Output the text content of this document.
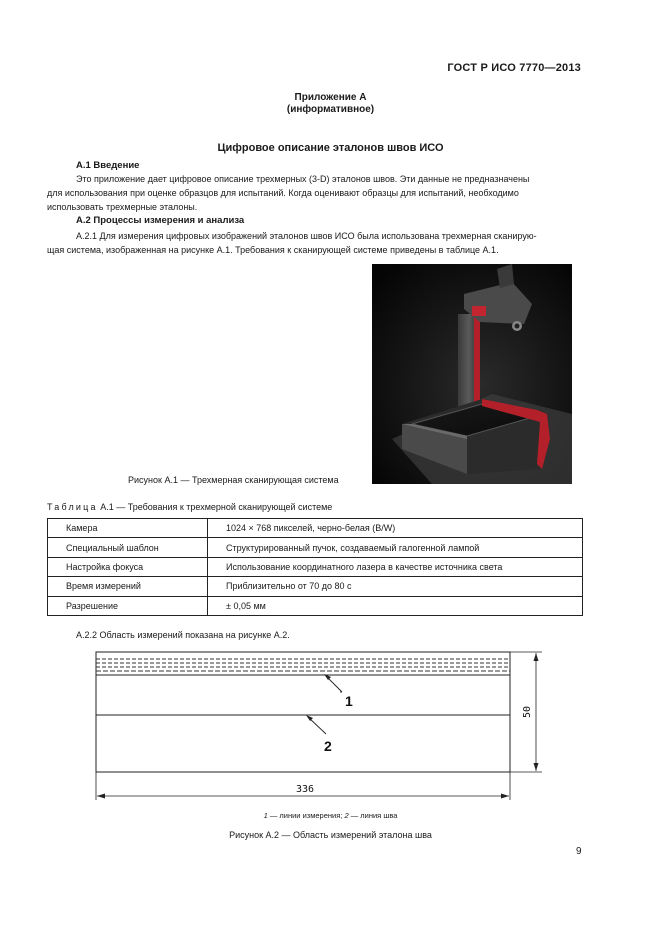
ГОСТ Р ИСО 7770—2013
Приложение А
(информативное)
Цифровое описание эталонов швов ИСО
А.1 Введение
Это приложение дает цифровое описание трехмерных (3-D) эталонов швов. Эти данные не предназначены
для использования при оценке образцов для испытаний. Когда оценивают образцы для испытаний, необходимо
использовать трехмерные эталоны.
А.2 Процессы измерения и анализа
А.2.1 Для измерения цифровых изображений эталонов швов ИСО была использована трехмерная сканирую-
щая система, изображенная на рисунке А.1. Требования к сканирующей системе приведены в таблице А.1.
Рисунок А.1 — Трехмерная сканирующая система
Таблица А.1 — Требования к трехмерной сканирующей системе
Камера	1024 × 768 пикселей, черно-белая (B/W)
Специальный шаблон	Структурированный пучок, создаваемый галогенной лампой
Настройка фокуса	Использование координатного лазера в качестве источника света
Время измерений	Приблизительно от 70 до 80 с
Разрешение	± 0,05 мм
А.2.2 Область измерений показана на рисунке А.2.
1
2
336
50
1 — линии измерения; 2 — линия шва
Рисунок А.2 — Область измерений эталона шва
9
